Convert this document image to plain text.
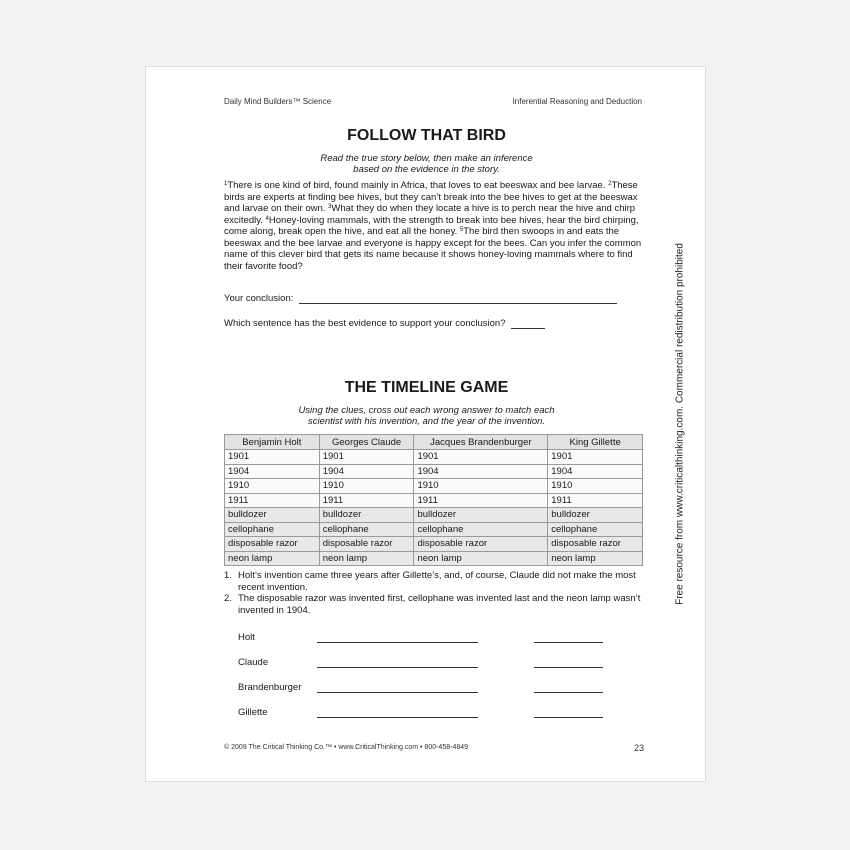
Daily Mind Builders™ Science	Inferential Reasoning and Deduction
FOLLOW THAT BIRD
Read the true story below, then make an inference
based on the evidence in the story.
$^1$There is one kind of bird, found mainly in Africa, that loves to eat beeswax and bee larvae. $^2$These birds are experts at finding bee hives, but they can’t break into the bee hives to get at the beeswax and larvae on their own. $^3$What they do when they locate a hive is to perch near the hive and chirp excitedly. $^4$Honey-loving mammals, with the strength to break into bee hives, hear the bird chirping, come along, break open the hive, and eat all the honey. $^5$The bird then swoops in and eats the beeswax and the bee larvae and everyone is happy except for the bees. Can you infer the common name of this clever bird that gets its name because it shows honey-loving mammals where to find their favorite food?
Your conclusion:
Which sentence has the best evidence to support your conclusion?
THE TIMELINE GAME
Using the clues, cross out each wrong answer to match each
scientist with his invention, and the year of the invention.
Benjamin Holt	Georges Claude	Jacques Brandenburger	King Gillette
1901	1901	1901	1901
1904	1904	1904	1904
1910	1910	1910	1910
1911	1911	1911	1911
bulldozer	bulldozer	bulldozer	bulldozer
cellophane	cellophane	cellophane	cellophane
disposable razor	disposable razor	disposable razor	disposable razor
neon lamp	neon lamp	neon lamp	neon lamp
1. Holt’s invention came three years after Gillette’s, and, of course, Claude did not make the most recent invention.
2. The disposable razor was invented first, cellophane was invented last and the neon lamp wasn’t invented in 1904.
Holt
Claude
Brandenburger
Gillette
© 2009 The Critical Thinking Co.™ • www.CriticalThinking.com • 800-458-4849	23
Free resource from www.criticalthinking.com. Commercial redistribution prohibited
